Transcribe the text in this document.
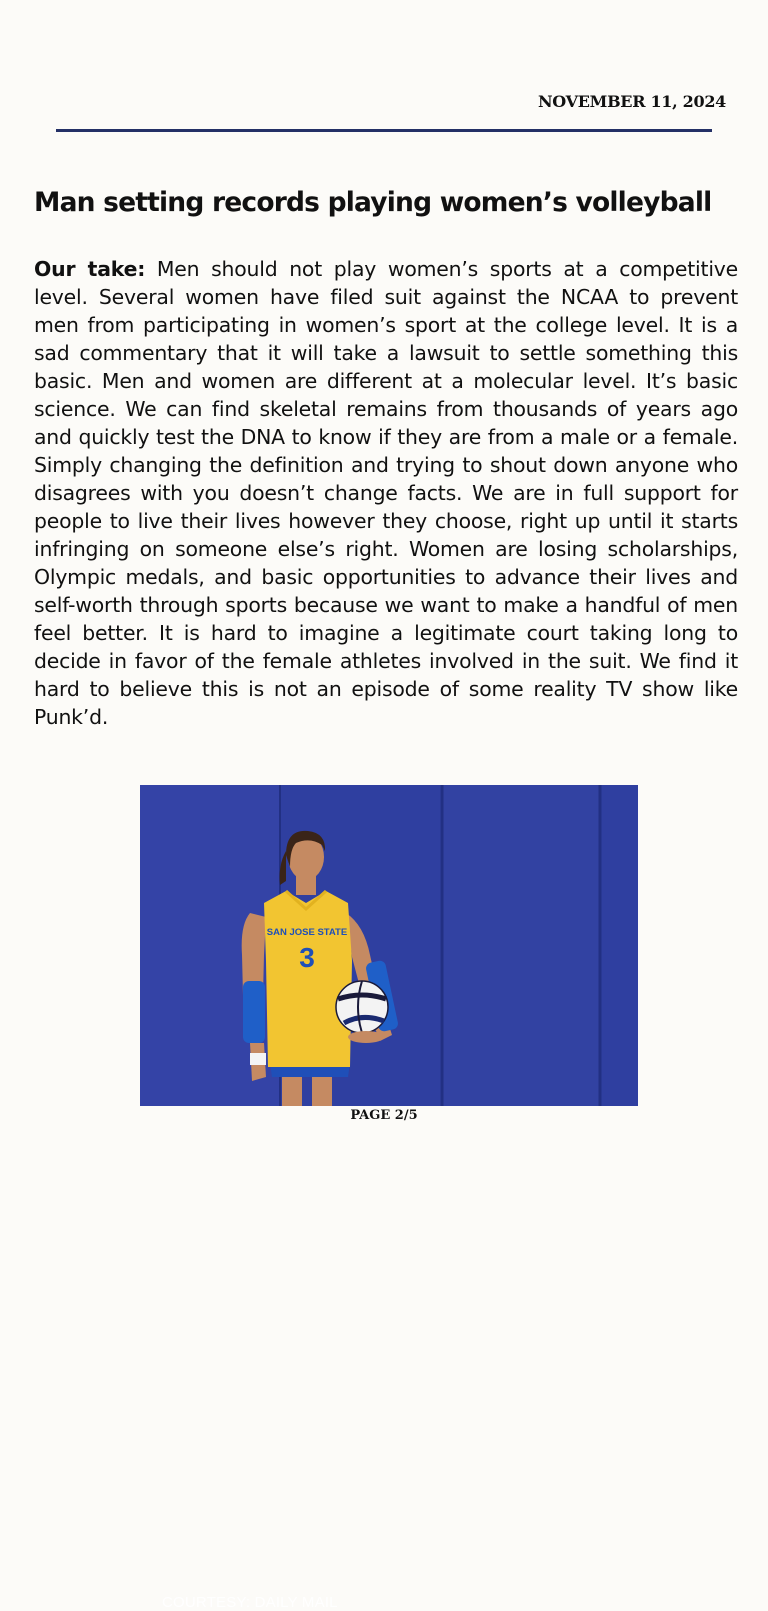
NOVEMBER 11, 2024
Man setting records playing women’s volleyball

Our take: Men should not play women’s sports at a competitive level. Several women have filed suit against the NCAA to prevent men from participating in women’s sport at the college level. It is a sad commentary that it will take a lawsuit to settle something this basic. Men and women are different at a molecular level. It’s basic science. We can find skeletal remains from thousands of years ago and quickly test the DNA to know if they are from a male or a female. Simply changing the definition and trying to shout down anyone who disagrees with you doesn’t change facts. We are in full support for people to live their lives however they choose, right up until it starts infringing on someone else’s right. Women are losing scholarships, Olympic medals, and basic opportunities to advance their lives and self-worth through sports because we want to make a handful of men feel better. It is hard to imagine a legitimate court taking long to decide in favor of the female athletes involved in the suit. We find it hard to believe this is not an episode of some reality TV show like Punk’d.

SAN JOSE STATE
3
COURTESY: DAILY MAIL
PAGE 2/5
